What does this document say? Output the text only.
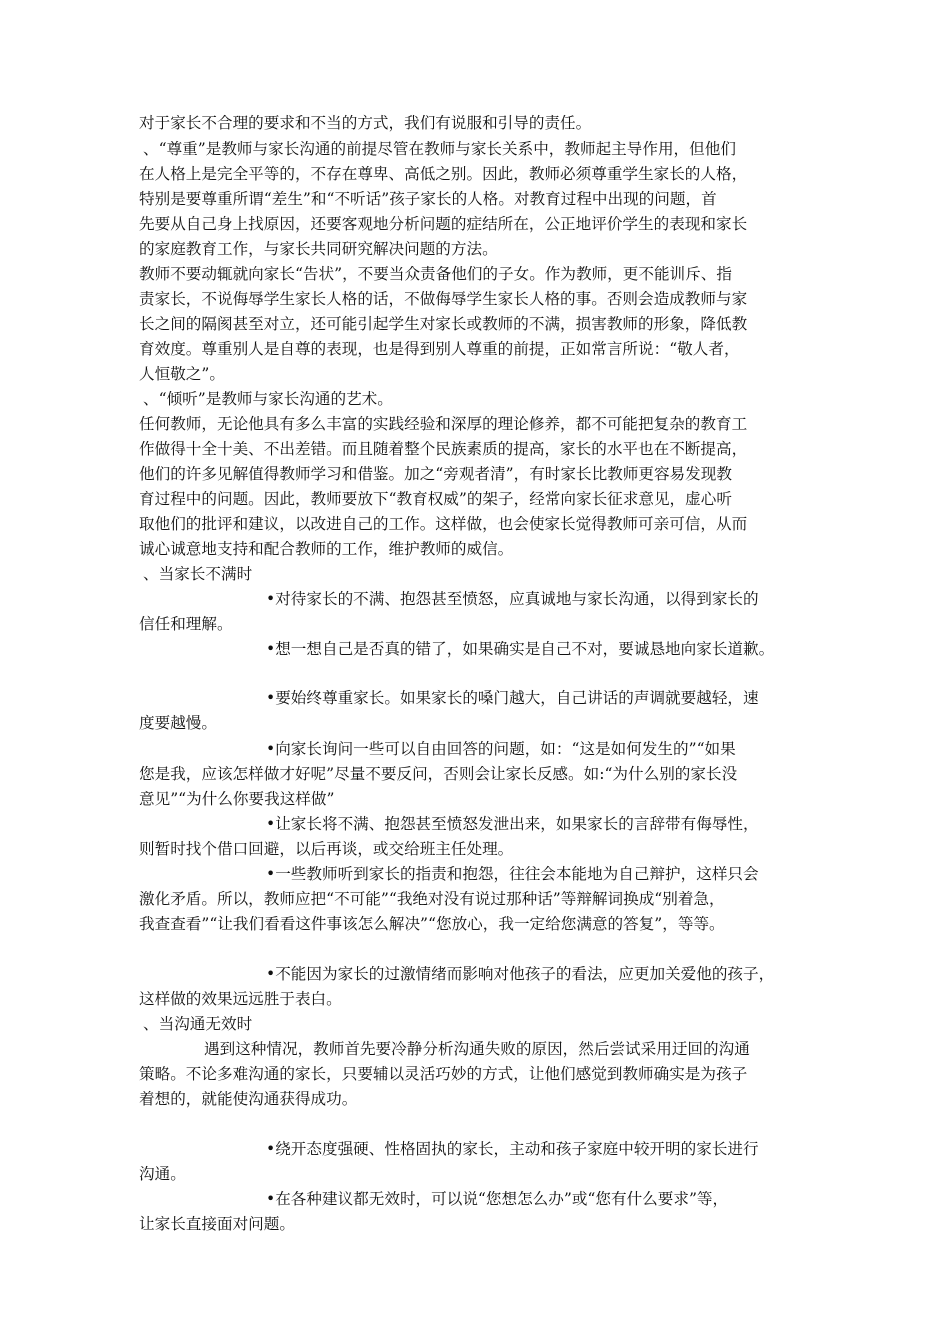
对于家长不合理的要求和不当的方式，我们有说服和引导的责任。
、“尊重”是教师与家长沟通的前提尽管在教师与家长关系中，教师起主导作用，但他们
在人格上是完全平等的，不存在尊卑、高低之别。因此，教师必须尊重学生家长的人格，
特别是要尊重所谓“差生”和“不听话”孩子家长的人格。对教育过程中出现的问题，首
先要从自己身上找原因，还要客观地分析问题的症结所在，公正地评价学生的表现和家长
的家庭教育工作，与家长共同研究解决问题的方法。
教师不要动辄就向家长“告状”，不要当众责备他们的子女。作为教师，更不能训斥、指
责家长，不说侮辱学生家长人格的话，不做侮辱学生家长人格的事。否则会造成教师与家
长之间的隔阂甚至对立，还可能引起学生对家长或教师的不满，损害教师的形象，降低教
育效度。尊重别人是自尊的表现，也是得到别人尊重的前提，正如常言所说：“敬人者，
人恒敬之”。
、“倾听”是教师与家长沟通的艺术。
任何教师，无论他具有多么丰富的实践经验和深厚的理论修养，都不可能把复杂的教育工
作做得十全十美、不出差错。而且随着整个民族素质的提高，家长的水平也在不断提高，
他们的许多见解值得教师学习和借鉴。加之“旁观者清”，有时家长比教师更容易发现教
育过程中的问题。因此，教师要放下“教育权威”的架子，经常向家长征求意见，虚心听
取他们的批评和建议，以改进自己的工作。这样做，也会使家长觉得教师可亲可信，从而
诚心诚意地支持和配合教师的工作，维护教师的威信。
、当家长不满时
•对待家长的不满、抱怨甚至愤怒，应真诚地与家长沟通，以得到家长的
信任和理解。
•想一想自己是否真的错了，如果确实是自己不对，要诚恳地向家长道歉。
•要始终尊重家长。如果家长的嗓门越大，自己讲话的声调就要越轻，速
度要越慢。
•向家长询问一些可以自由回答的问题，如：“这是如何发生的”“如果
您是我，应该怎样做才好呢”尽量不要反问，否则会让家长反感。如:“为什么别的家长没
意见”“为什么你要我这样做”
•让家长将不满、抱怨甚至愤怒发泄出来，如果家长的言辞带有侮辱性，
则暂时找个借口回避，以后再谈，或交给班主任处理。
•一些教师听到家长的指责和抱怨，往往会本能地为自己辩护，这样只会
激化矛盾。所以，教师应把“不可能”“我绝对没有说过那种话”等辩解词换成“别着急，
我查查看”“让我们看看这件事该怎么解决”“您放心，我一定给您满意的答复”，等等。
•不能因为家长的过激情绪而影响对他孩子的看法，应更加关爱他的孩子，
这样做的效果远远胜于表白。
、当沟通无效时
遇到这种情况，教师首先要冷静分析沟通失败的原因，然后尝试采用迂回的沟通
策略。不论多难沟通的家长，只要辅以灵活巧妙的方式，让他们感觉到教师确实是为孩子
着想的，就能使沟通获得成功。
•绕开态度强硬、性格固执的家长，主动和孩子家庭中较开明的家长进行
沟通。
•在各种建议都无效时，可以说“您想怎么办”或“您有什么要求”等，
让家长直接面对问题。
